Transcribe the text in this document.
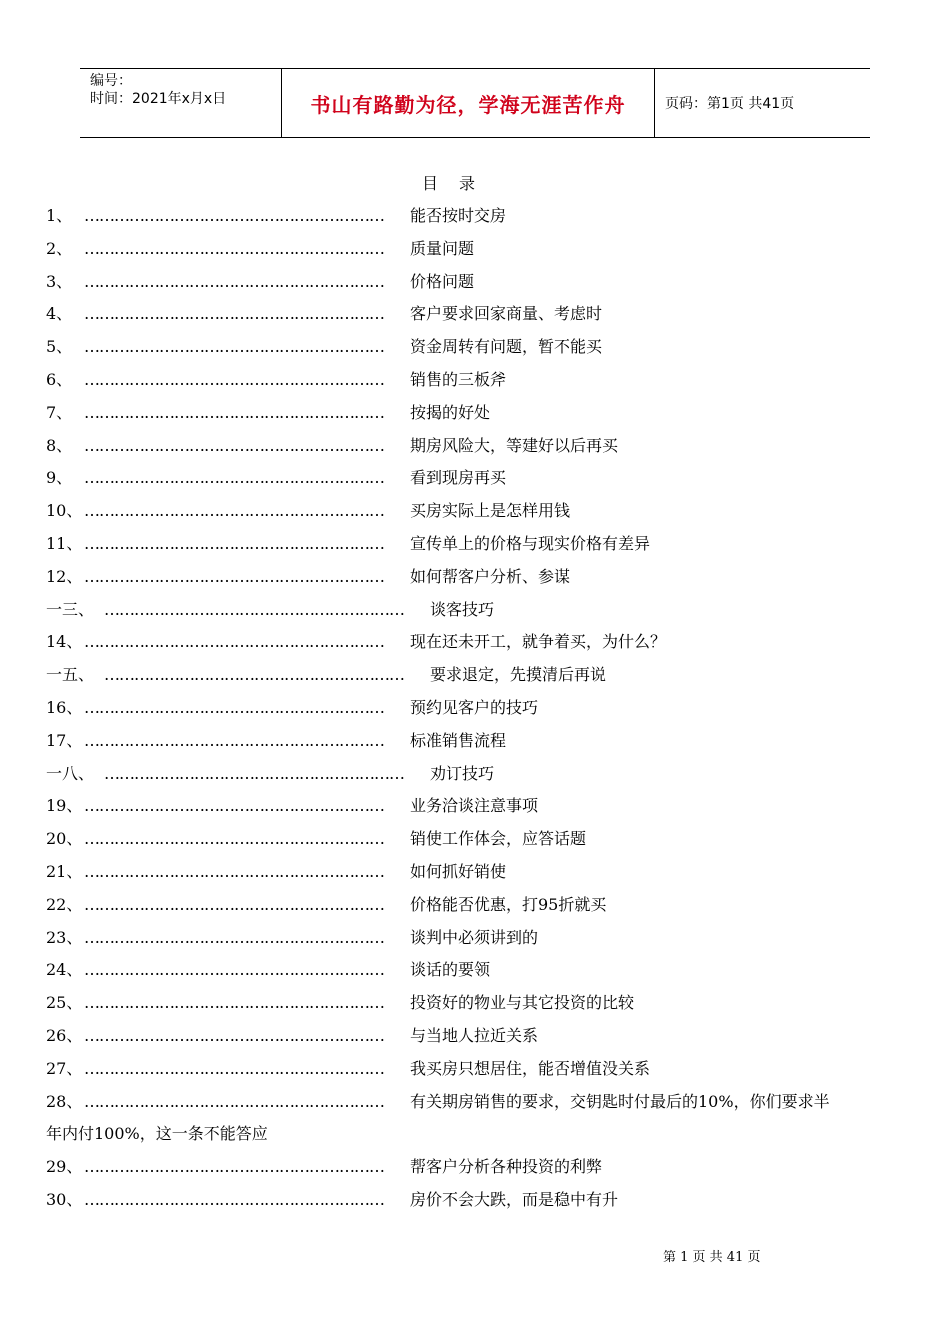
编号：
时间：2021年x月x日	书山有路勤为径，学海无涯苦作舟	页码：第1页 共41页
目 录
1、 ……………………………………………………	能否按时交房
2、 ……………………………………………………	质量问题
3、 ……………………………………………………	价格问题
4、 ……………………………………………………	客户要求回家商量、考虑时
5、 ……………………………………………………	资金周转有问题，暂不能买
6、 ……………………………………………………	销售的三板斧
7、 ……………………………………………………	按揭的好处
8、 ……………………………………………………	期房风险大，等建好以后再买
9、 ……………………………………………………	看到现房再买
10、 ……………………………………………………	买房实际上是怎样用钱
11、 ……………………………………………………	宣传单上的价格与现实价格有差异
12、 ……………………………………………………	如何帮客户分析、参谋
一三、 ……………………………………………………	谈客技巧
14、 ……………………………………………………	现在还未开工，就争着买，为什么？
一五、 ……………………………………………………	要求退定，先摸清后再说
16、 ……………………………………………………	预约见客户的技巧
17、 ……………………………………………………	标准销售流程
一八、 ……………………………………………………	劝订技巧
19、 ……………………………………………………	业务洽谈注意事项
20、 ……………………………………………………	销使工作体会，应答话题
21、 ……………………………………………………	如何抓好销使
22、 ……………………………………………………	价格能否优惠，打95折就买
23、 ……………………………………………………	谈判中必须讲到的
24、 ……………………………………………………	谈话的要领
25、 ……………………………………………………	投资好的物业与其它投资的比较
26、 ……………………………………………………	与当地人拉近关系
27、 ……………………………………………………	我买房只想居住，能否增值没关系
28、 ……………………………………………………	有关期房销售的要求，交钥匙时付最后的10%，你们要求半
年内付100%，这一条不能答应
29、 ……………………………………………………	帮客户分析各种投资的利弊
30、 ……………………………………………………	房价不会大跌，而是稳中有升
第 1 页 共 41 页
